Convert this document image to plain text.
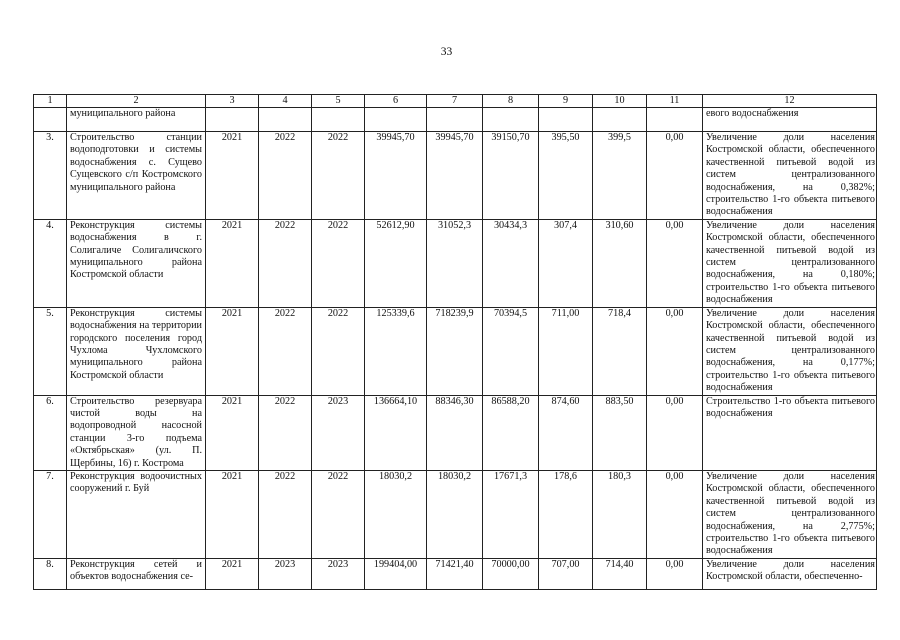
33
1	2	3	4	5	6	7	8	9	10	11	12
	муниципального района										евого водоснабжения
3.	Строительство станции водоподготовки и системы водоснабжения с. Сущево Сущевского с/п Костромского муниципального района	2021	2022	2022	39945,70	39945,70	39150,70	395,50	399,5	0,00	Увеличение доли населения Костромской области, обеспеченного качественной питьевой водой из систем централизованного водоснабжения, на 0,382%; строительство 1-го объекта питьевого водоснабжения
4.	Реконструкция системы водоснабжения в г. Солигаличе Солигаличского муниципального района Костромской области	2021	2022	2022	52612,90	31052,3	30434,3	307,4	310,60	0,00	Увеличение доли населения Костромской области, обеспеченного качественной питьевой водой из систем централизованного водоснабжения, на 0,180%; строительство 1-го объекта питьевого водоснабжения
5.	Реконструкция системы водоснабжения на территории городского поселения город Чухлома Чухломского муниципального района Костромской области	2021	2022	2022	125339,6	718239,9	70394,5	711,00	718,4	0,00	Увеличение доли населения Костромской области, обеспеченного качественной питьевой водой из систем централизованного водоснабжения, на 0,177%; строительство 1-го объекта питьевого водоснабжения
6.	Строительство резервуара чистой воды на водопроводной насосной станции 3-го подъема «Октябрьская» (ул. П. Щербины, 16) г. Кострома	2021	2022	2023	136664,10	88346,30	86588,20	874,60	883,50	0,00	Строительство 1-го объекта питьевого водоснабжения
7.	Реконструкция водоочистных сооружений г. Буй	2021	2022	2022	18030,2	18030,2	17671,3	178,6	180,3	0,00	Увеличение доли населения Костромской области, обеспеченного качественной питьевой водой из систем централизованного водоснабжения, на 2,775%; строительство 1-го объекта питьевого водоснабжения
8.	Реконструкция сетей и объектов водоснабжения се-	2021	2023	2023	199404,00	71421,40	70000,00	707,00	714,40	0,00	Увеличение доли населения Костромской области, обеспеченно-
